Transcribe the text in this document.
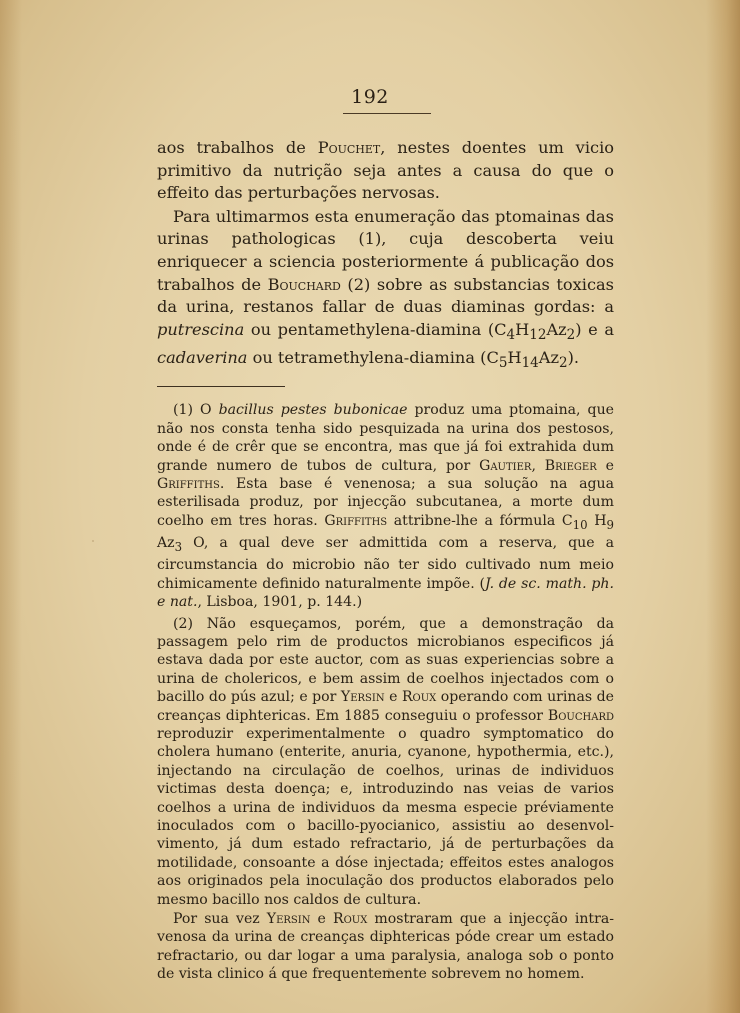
192

aos trabalhos de Pouchet, nestes doentes um vicio primitivo da nutrição seja antes a causa do que o effeito das perturbações nervosas.

Para ultimarmos esta enumeração das ptomainas das urinas pathologicas (1), cuja descoberta veiu enriquecer a sciencia posteriormente á publicação dos trabalhos de Bouchard (2) sobre as substancias toxicas da urina, restanos fallar de duas diaminas gordas: a putrescina ou pentamethylena-diamina $(C_4H_{12}Az_2)$ e a cadaverina ou tetramethylena-diamina $(C_5H_{14}Az_2)$.

(1) O bacillus pestes bubonicae produz uma ptomaina, que não nos consta tenha sido pesquizada na urina dos pestosos, onde é de crêr que se encontra, mas que já foi extrahida dum grande numero de tubos de cultura, por Gautier, Brieger e Griffiths. Esta base é venenosa; a sua solução na agua esterilisada produz, por injecção subcutanea, a morte dum coelho em tres horas. Griffiths attribne-lhe a fórmula $C_{10}$ $H_9$ $Az_3$ O, a qual deve ser admittida com a reserva, que a circumstancia do microbio não ter sido cultivado num meio chimicamente definido naturalmente impõe. (J. de sc. math. ph. e nat., Lisboa, 1901, p. 144.)

(2) Não esqueçamos, porém, que a demonstração da passagem pelo rim de productos microbianos especificos já estava dada por este auctor, com as suas experiencias sobre a urina de cholericos, e bem assim de coelhos injectados com o bacillo do pús azul; e por Yersin e Roux operando com urinas de creanças diphtericas. Em 1885 conseguiu o professor Bouchard reproduzir experimentalmente o quadro symptomatico do cholera humano (enterite, anuria, cyanone, hypothermia, etc.), injectando na circulação de coelhos, urinas de individuos victimas desta doença; e, introduzindo nas veias de varios coelhos a urina de individuos da mesma especie préviamente inoculados com o bacillo-pyocianico, assistiu ao desenvolvimento, já dum estado refractario, já de perturbações da motilidade, consoante a dóse injectada; effeitos estes analogos aos originados pela inoculação dos productos elaborados pelo mesmo bacillo nos caldos de cultura.

Por sua vez Yersin e Roux mostraram que a injecção intravenosa da urina de creanças diphtericas póde crear um estado refractario, ou dar logar a uma paralysia, analoga sob o ponto de vista clinico á que frequentemente sobrevem no homem.
